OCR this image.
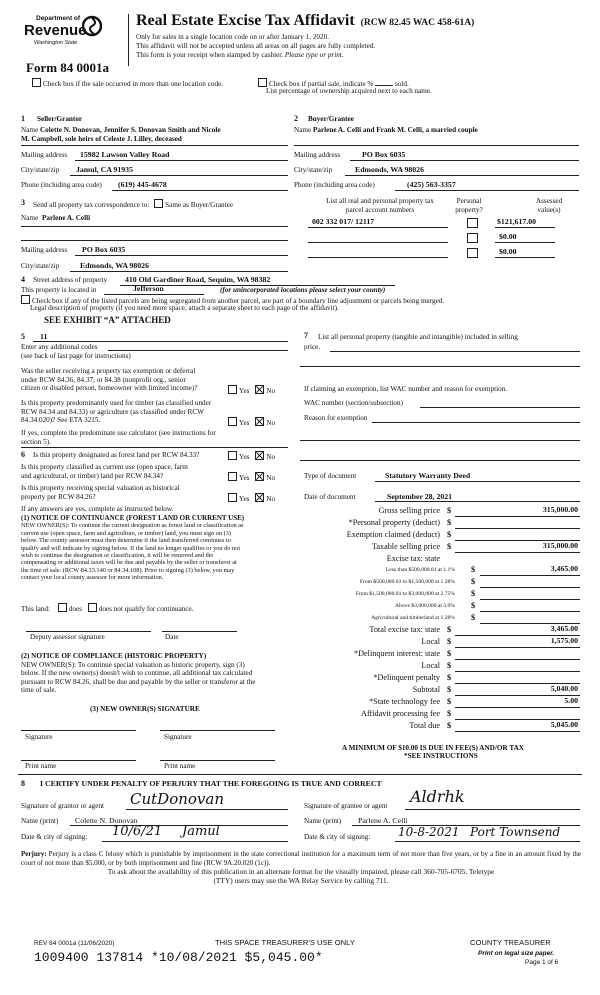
Department of
Revenue
Washington State
Form 84 0001a
Real Estate Excise Tax Affidavit (RCW 82.45 WAC 458-61A)
Only for sales in a single location code on or after January 1, 2020.
This affidavit will not be accepted unless all areas on all pages are fully completed.
This form is your receipt when stamped by cashier. Please type or print.
Check box if the sale occurred in more than one location code.	Check box if partial sale, indicate %	sold.
List percentage of ownership acquired next to each name.
1 Seller/Grantor
Name Colette N. Donovan, Jennifer S. Donovan Smith and Nicole
M. Campbell, sole heirs of Celeste J. Lilley, deceased
Mailing address 15982 Lawson Valley Road
City/state/zip Jamul, CA 91935
Phone (including area code) (619) 445-4678
2 Buyer/Grantee
Name Parlene A. Celli and Frank M. Celli, a married couple
Mailing address	PO Box 6035
City/state/zip	Edmonds, WA 98026
Phone (including area code)	(425) 563-3357
3 Send all property tax correspondence to: Same as Buyer/Grantee
Name Parlene A. Celli
Mailing address PO Box 6035
City/state/zip	Edmonds, WA 98026
List all real and personal property tax
parcel account numbers
Personal
property?
Assessed
value(s)
002 332 017/ 12117	$121,617.00
$0.00
$0.00
4 Street address of property 410 Old Gardiner Road, Sequim, WA 98382
This property is located in	Jefferson	(for unincorporated locations please select your county)
Check box if any of the listed parcels are being segregated from another parcel, are part of a boundary line adjustment or parcels being merged.
Legal description of property (if you need more space, attach a separate sheet to each page of the affidavit).
SEE EXHIBIT “A” ATTACHED
5 11
Enter any additional codes
(see back of last page for instructions)
Was the seller receiving a property tax exemption or deferral
under RCW 84.36, 84.37, or 84.38 (nonprofit org., senior
citizen or disabled person, homeowner with limited income)?	Yes No
Is this property predominantly used for timber (as classified under
RCW 84.34 and 84.33) or agriculture (as classified under RCW
84.34.020)? See ETA 3215.	Yes No
If yes, complete the predominate use calculator (see instructions for
section 5).
6 Is this property designated as forest land per RCW 84.33?	Yes No
Is this property classified as current use (open space, farm
and agricultural, or timber) land per RCW 84.34?	Yes No
Is this property receiving special valuation as historical
property per RCW 84.26?	Yes No
If any answers are yes, complete as instructed below.
(1) NOTICE OF CONTINUANCE (FOREST LAND OR CURRENT USE)
NEW OWNER(S): To continue the current designation as forest land or classification as
current use (open space, farm and agriculture, or timber) land, you must sign on (3)
below. The county assessor must then determine if the land transferred continues to
qualify and will indicate by signing below. If the land no longer qualifies or you do not
wish to continue the designation or classification, it will be removed and the
compensating or additional taxes will be due and payable by the seller or transferor at
the time of sale. (RCW 84.33.140 or 84.34.108). Prior to signing (3) below, you may
contact your local county assessor for more information.
This land:	does does not qualify for continuance.
Deputy assessor signature	Date
(2) NOTICE OF COMPLIANCE (HISTORIC PROPERTY)
NEW OWNER(S): To continue special valuation as historic property, sign (3)
below. If the new owner(s) doesn't wish to continue, all additional tax calculated
pursuant to RCW 84.26, shall be due and payable by the seller or transferor at the
time of sale.
(3) NEW OWNER(S) SIGNATURE
Signature	Signature
Print name	Print name
7 List all personal property (tangible and intangible) included in selling
price.
If claiming an exemption, list WAC number and reason for exemption.
WAC number (section/subsection)
Reason for exemption
Type of document	Statutory Warranty Deed
Date of document	September 28, 2021
Gross selling price $	315,000.00
*Personal property (deduct) $
Exemption claimed (deduct) $
Taxable selling price $	315,000.00
Excise tax: state
Less than $500,000.01 at 1.1% $	3,465.00
From $500,000.01 to $1,500,000 at 1.28% $
From $1,500,000.01 to $3,000,000 at 2.75% $
Above $3,000,000 at 3.0% $
Agricultural and timberland at 1.28% $
Total excise tax: state $	3,465.00
Local $	1,575.00
*Delinquent interest: state $
Local $
*Delinquent penalty $
Subtotal $	5,040.00
*State technology fee $	5.00
Affidavit processing fee $
Total due $	5,045.00
A MINIMUM OF $10.00 IS DUE IN FEE(S) AND/OR TAX
*SEE INSTRUCTIONS
8 I CERTIFY UNDER PENALTY OF PERJURY THAT THE FOREGOING IS TRUE AND CORRECT
Signature of grantor or agent CutDonovan	Signature of grantee or agent Aldrhk
Name (print) Colette N. Donovan	Name (print) Parlene A. Celli
Date & city of signing: 10/6/21 Jamul	Date & city of signing: 10-8-2021 Port Townsend
Perjury: Perjury is a class C felony which is punishable by imprisonment in the state correctional institution for a maximum term of not more than five years, or by a fine in an amount fixed by the court of not more than $5,000, or by both imprisonment and fine (RCW 9A.20.020 (1c)).
To ask about the availability of this publication in an alternate format for the visually impaired, please call 360-705-6705. Teletype
(TTY) users may use the WA Relay Service by calling 711.
REV 84 0001a (11/06/2020)
1009400 137814 *10/08/2021 $5,045.00*
THIS SPACE TREASURER'S USE ONLY	COUNTY TREASURER
Print on legal size paper.
Page 1 of 6
